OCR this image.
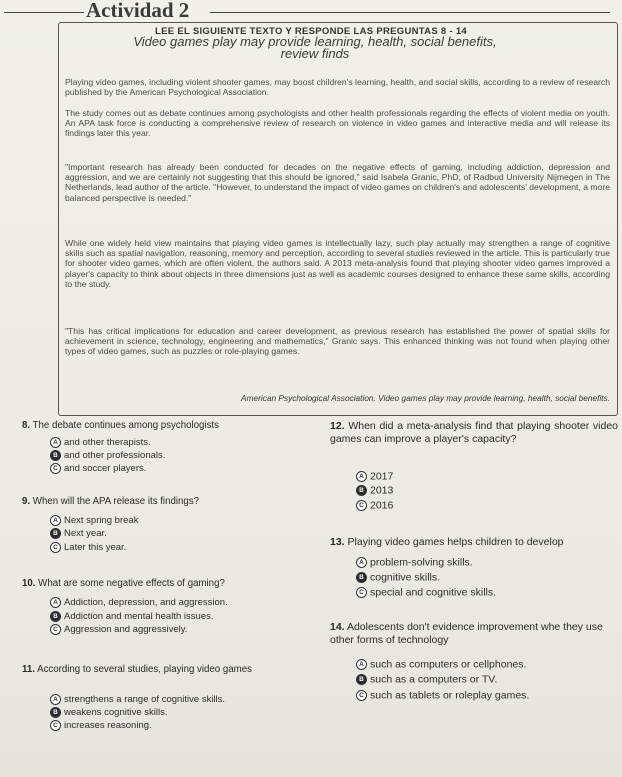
Actividad 2
LEE EL SIGUIENTE TEXTO Y RESPONDE LAS PREGUNTAS 8 - 14
Video games play may provide learning, health, social benefits, review finds
Playing video games, including violent shooter games, may boost children's learning, health, and social skills, according to a review of research published by the American Psychological Association.
The study comes out as debate continues among psychologists and other health professionals regarding the effects of violent media on youth. An APA task force is conducting a comprehensive review of research on violence in video games and interactive media and will release its findings later this year.
"Important research has already been conducted for decades on the negative effects of gaming, including addiction, depression and aggression, and we are certainly not suggesting that this should be ignored," said Isabela Granic, PhD, of Radbud University Nijmegen in The Netherlands, lead author of the article. "However, to understand the impact of video games on children's and adolescents' development, a more balanced perspective is needed."
While one widely held view maintains that playing video games is intellectually lazy, such play actually may strengthen a range of cognitive skills such as spatial navigation, reasoning, memory and perception, according to several studies reviewed in the article. This is particularly true for shooter video games, which are often violent, the authors said. A 2013 meta-analysis found that playing shooter video games improved a player's capacity to think about objects in three dimensions just as well as academic courses designed to enhance these same skills, according to the study.
"This has critical implications for education and career development, as previous research has established the power of spatial skills for achievement in science, technology, engineering and mathematics," Granic says. This enhanced thinking was not found when playing other types of video games, such as puzzles or role-playing games.
American Psychological Association. Video games play may provide learning, health, social benefits.
8. The debate continues among psychologists
A and other therapists.
B and other professionals.
C and soccer players.
9. When will the APA release its findings?
A Next spring break
B Next year.
C Later this year.
10. What are some negative effects of gaming?
A Addiction, depression, and aggression.
B Addiction and mental health issues.
C Aggression and aggressively.
11. According to several studies, playing video games
A strengthens a range of cognitive skills.
B weakens cognitive skills.
C increases reasoning.
12. When did a meta-analysis find that playing shooter video games can improve a player's capacity?
A 2017
B 2013
C 2016
13. Playing video games helps children to develop
A problem-solving skills.
B cognitive skills.
C special and cognitive skills.
14. Adolescents don't evidence improvement whe they use other forms of technology
A such as computers or cellphones.
B such as a computers or TV.
C such as tablets or roleplay games.
